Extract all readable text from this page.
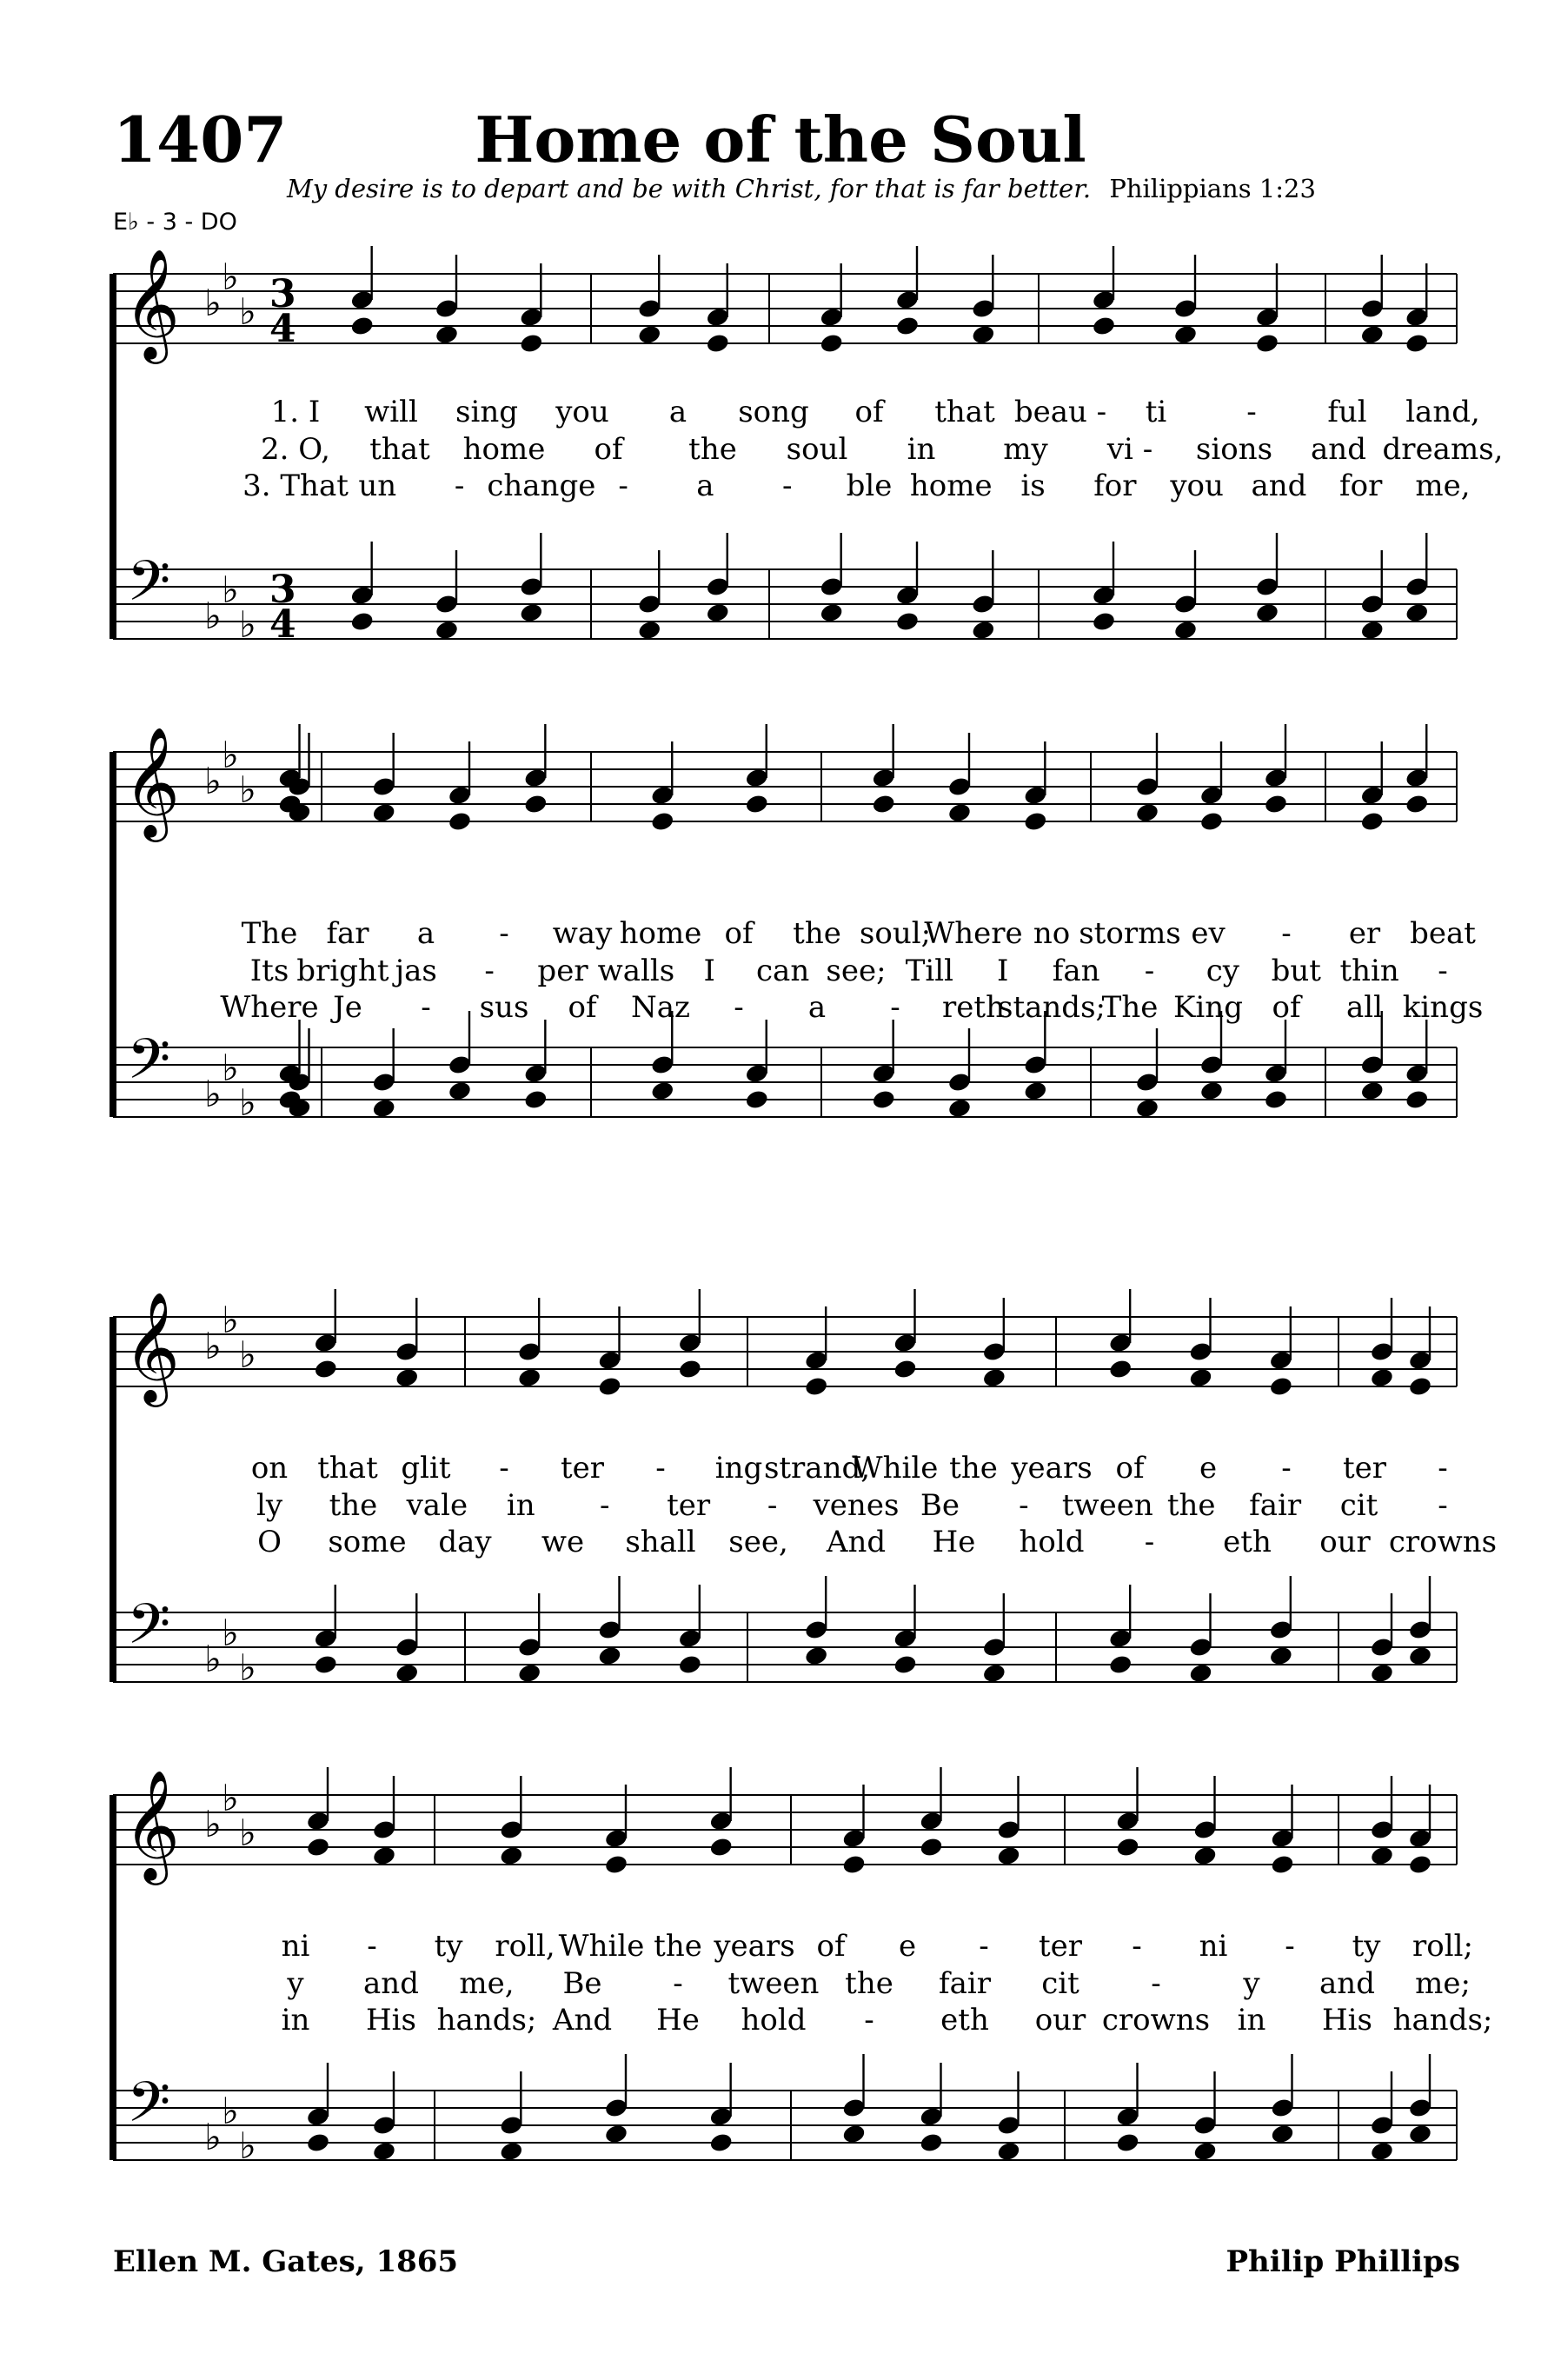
1407	Home of the Soul
My desire is to depart and be with Christ, for that is far better. Philippians 1:23
E♭ - 3 - DO
𝄞
𝄢
♭
♭
♭
♭
♭
♭
3
4
3
4
𝄞
𝄢
♭
♭
♭
♭
♭
♭
𝄞
𝄢
♭
♭
♭
♭
♭
♭
𝄞
𝄢
♭
♭
♭
♭
♭
♭
1. I will sing you a song of that beau - ti	- ful land,
2. O, that home of the soul in my vi - sions and dreams,
3. That un - change - a - ble home is for you and for me,
The far a - way home of the soul;
Where no storms ev - er beat
Its bright jas - per walls I can see; Till I fan - cy but thin -
Where Je - sus of Naz - a - reth
stands;
The King of all kings
on that glit - ter - ing strand,
While the years of e - ter -
ly the vale in - ter - venes Be - tween the fair cit -
O some day we shall see, And He hold - eth our crowns
ni - ty roll, While the years of e - ter - ni - ty roll;
y and me, Be - tween the fair cit -	y and me;
in His hands; And He hold - eth our crowns in His hands;
Ellen M. Gates, 1865	Philip Phillips
